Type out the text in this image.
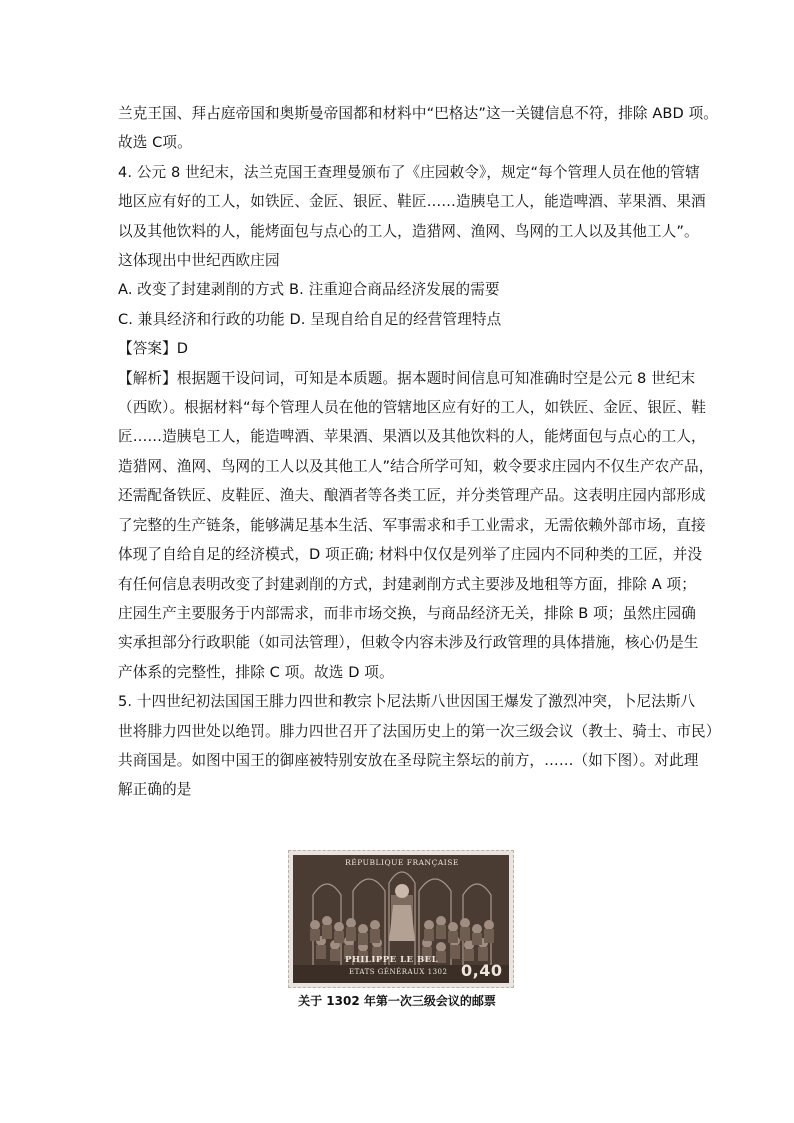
兰克王国、拜占庭帝国和奥斯曼帝国都和材料中“巴格达”这一关键信息不符，排除 ABD 项。

故选 C项。

4. 公元 8 世纪末，法兰克国王查理曼颁布了《庄园敕令》，规定“每个管理人员在他的管辖

地区应有好的工人，如铁匠、金匠、银匠、鞋匠……造胰皂工人，能造啤酒、苹果酒、果酒

以及其他饮料的人，能烤面包与点心的工人，造猎网、渔网、鸟网的工人以及其他工人”。

这体现出中世纪西欧庄园

A. 改变了封建剥削的方式 B. 注重迎合商品经济发展的需要

C. 兼具经济和行政的功能 D. 呈现自给自足的经营管理特点

【答案】D

【解析】根据题干设问词，可知是本质题。据本题时间信息可知准确时空是公元 8 世纪末

（西欧）。根据材料“每个管理人员在他的管辖地区应有好的工人，如铁匠、金匠、银匠、鞋

匠……造胰皂工人，能造啤酒、苹果酒、果酒以及其他饮料的人，能烤面包与点心的工人，

造猎网、渔网、鸟网的工人以及其他工人”结合所学可知，敕令要求庄园内不仅生产农产品，

还需配备铁匠、皮鞋匠、渔夫、酿酒者等各类工匠，并分类管理产品。这表明庄园内部形成

了完整的生产链条，能够满足基本生活、军事需求和手工业需求，无需依赖外部市场，直接

体现了自给自足的经济模式，D 项正确; 材料中仅仅是列举了庄园内不同种类的工匠，并没

有任何信息表明改变了封建剥削的方式，封建剥削方式主要涉及地租等方面，排除 A 项；

庄园生产主要服务于内部需求，而非市场交换，与商品经济无关，排除 B 项；虽然庄园确

实承担部分行政职能（如司法管理），但敕令内容未涉及行政管理的具体措施，核心仍是生

产体系的完整性，排除 C 项。故选 D 项。

5. 十四世纪初法国国王腓力四世和教宗卜尼法斯八世因国王爆发了激烈冲突，卜尼法斯八

世将腓力四世处以绝罚。腓力四世召开了法国历史上的第一次三级会议（教士、骑士、市民）

共商国是。如图中国王的御座被特别安放在圣母院主祭坛的前方，……（如下图）。对此理

解正确的是

RÉPUBLIQUE FRANÇAISE
PHILIPPE LE BEL
ETATS GÉNÉRAUX 1302 0,40
关于 1302 年第一次三级会议的邮票
